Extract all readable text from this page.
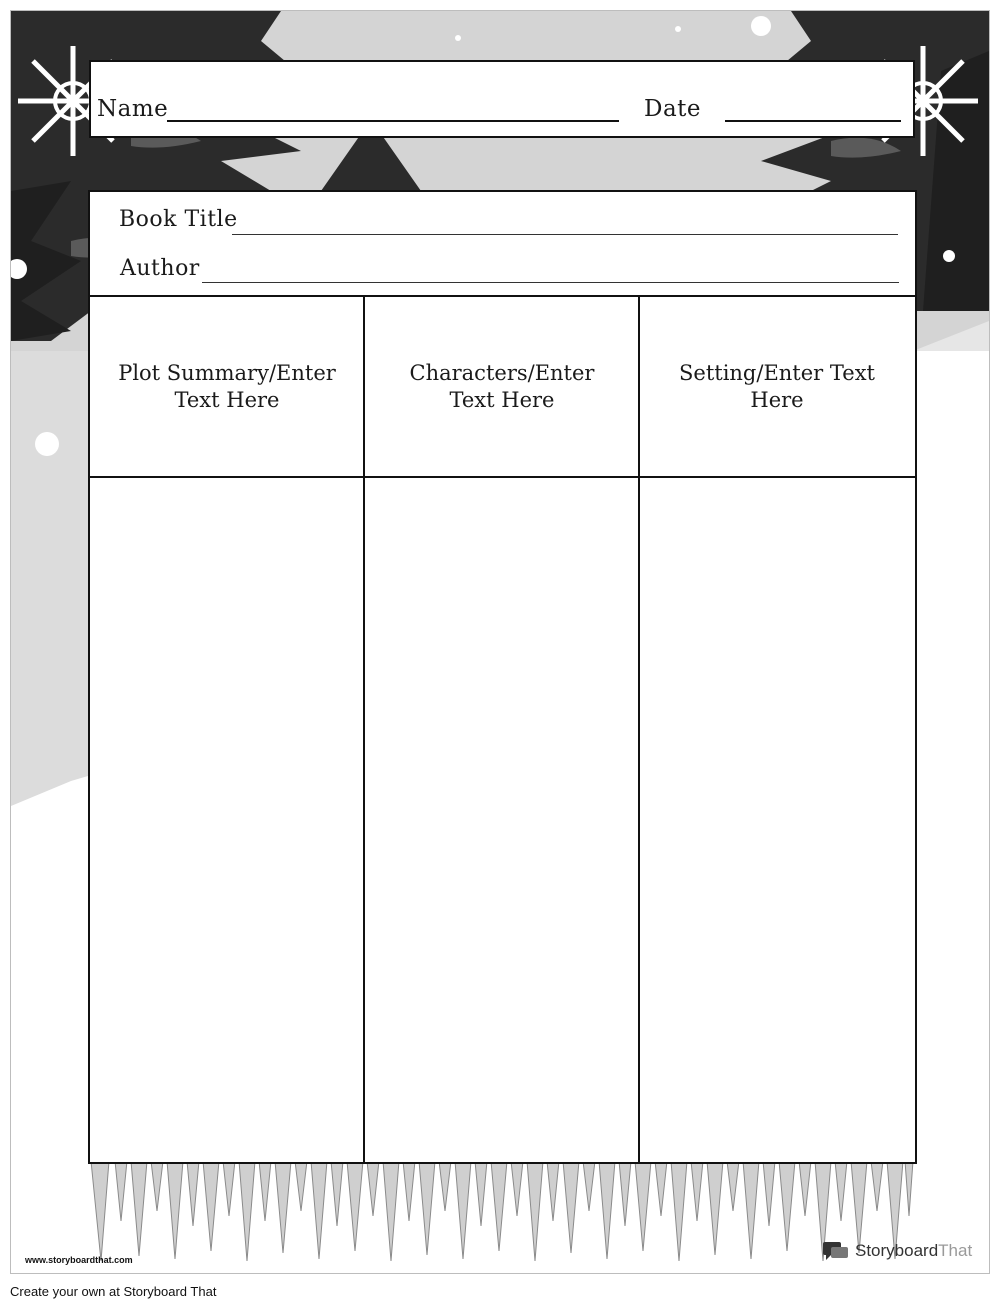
Name	Date
Book Title
Author
Plot Summary/Enter Text Here
Characters/Enter Text Here
Setting/Enter Text Here
www.storyboardthat.com	StoryboardThat
Create your own at Storyboard That
